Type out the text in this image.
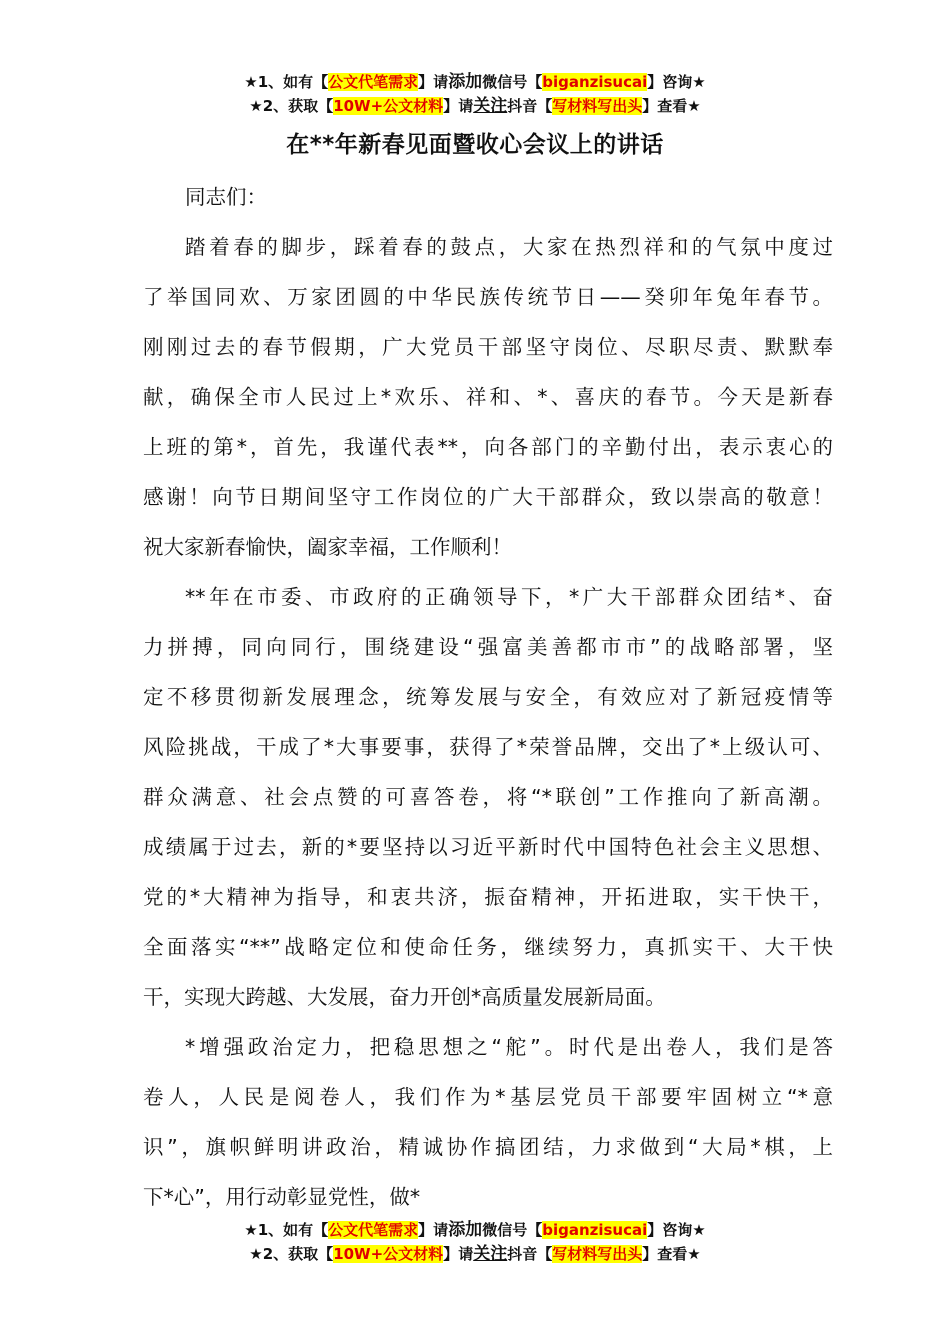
★1、如有【公文代笔需求】请添加微信号【biganzisucai】咨询★
★2、获取【10W+公文材料】请关注抖音【写材料写出头】查看★
在**年新春见面暨收心会议上的讲话
同志们：

踏着春的脚步，踩着春的鼓点，大家在热烈祥和的气氛中度过
了举国同欢、万家团圆的中华民族传统节日——癸卯年兔年春节。
刚刚过去的春节假期，广大党员干部坚守岗位、尽职尽责、默默奉
献，确保全市人民过上*欢乐、祥和、*、喜庆的春节。今天是新春
上班的第*，首先，我谨代表**，向各部门的辛勤付出，表示衷心的
感谢！向节日期间坚守工作岗位的广大干部群众，致以崇高的敬意！
祝大家新春愉快，阖家幸福，工作顺利！

**年在市委、市政府的正确领导下，*广大干部群众团结*、奋
力拼搏，同向同行，围绕建设“强富美善都市市”的战略部署，坚
定不移贯彻新发展理念，统筹发展与安全，有效应对了新冠疫情等
风险挑战，干成了*大事要事，获得了*荣誉品牌，交出了*上级认可、
群众满意、社会点赞的可喜答卷，将“*联创”工作推向了新高潮。
成绩属于过去，新的*要坚持以习近平新时代中国特色社会主义思想、
党的*大精神为指导，和衷共济，振奋精神，开拓进取，实干快干，
全面落实“**”战略定位和使命任务，继续努力，真抓实干、大干快
干，实现大跨越、大发展，奋力开创*高质量发展新局面。

*增强政治定力，把稳思想之“舵”。时代是出卷人，我们是答
卷人，人民是阅卷人，我们作为*基层党员干部要牢固树立“*意
识”，旗帜鲜明讲政治，精诚协作搞团结，力求做到“大局*棋，上
下*心”，用行动彰显党性，做*

★1、如有【公文代笔需求】请添加微信号【biganzisucai】咨询★
★2、获取【10W+公文材料】请关注抖音【写材料写出头】查看★
